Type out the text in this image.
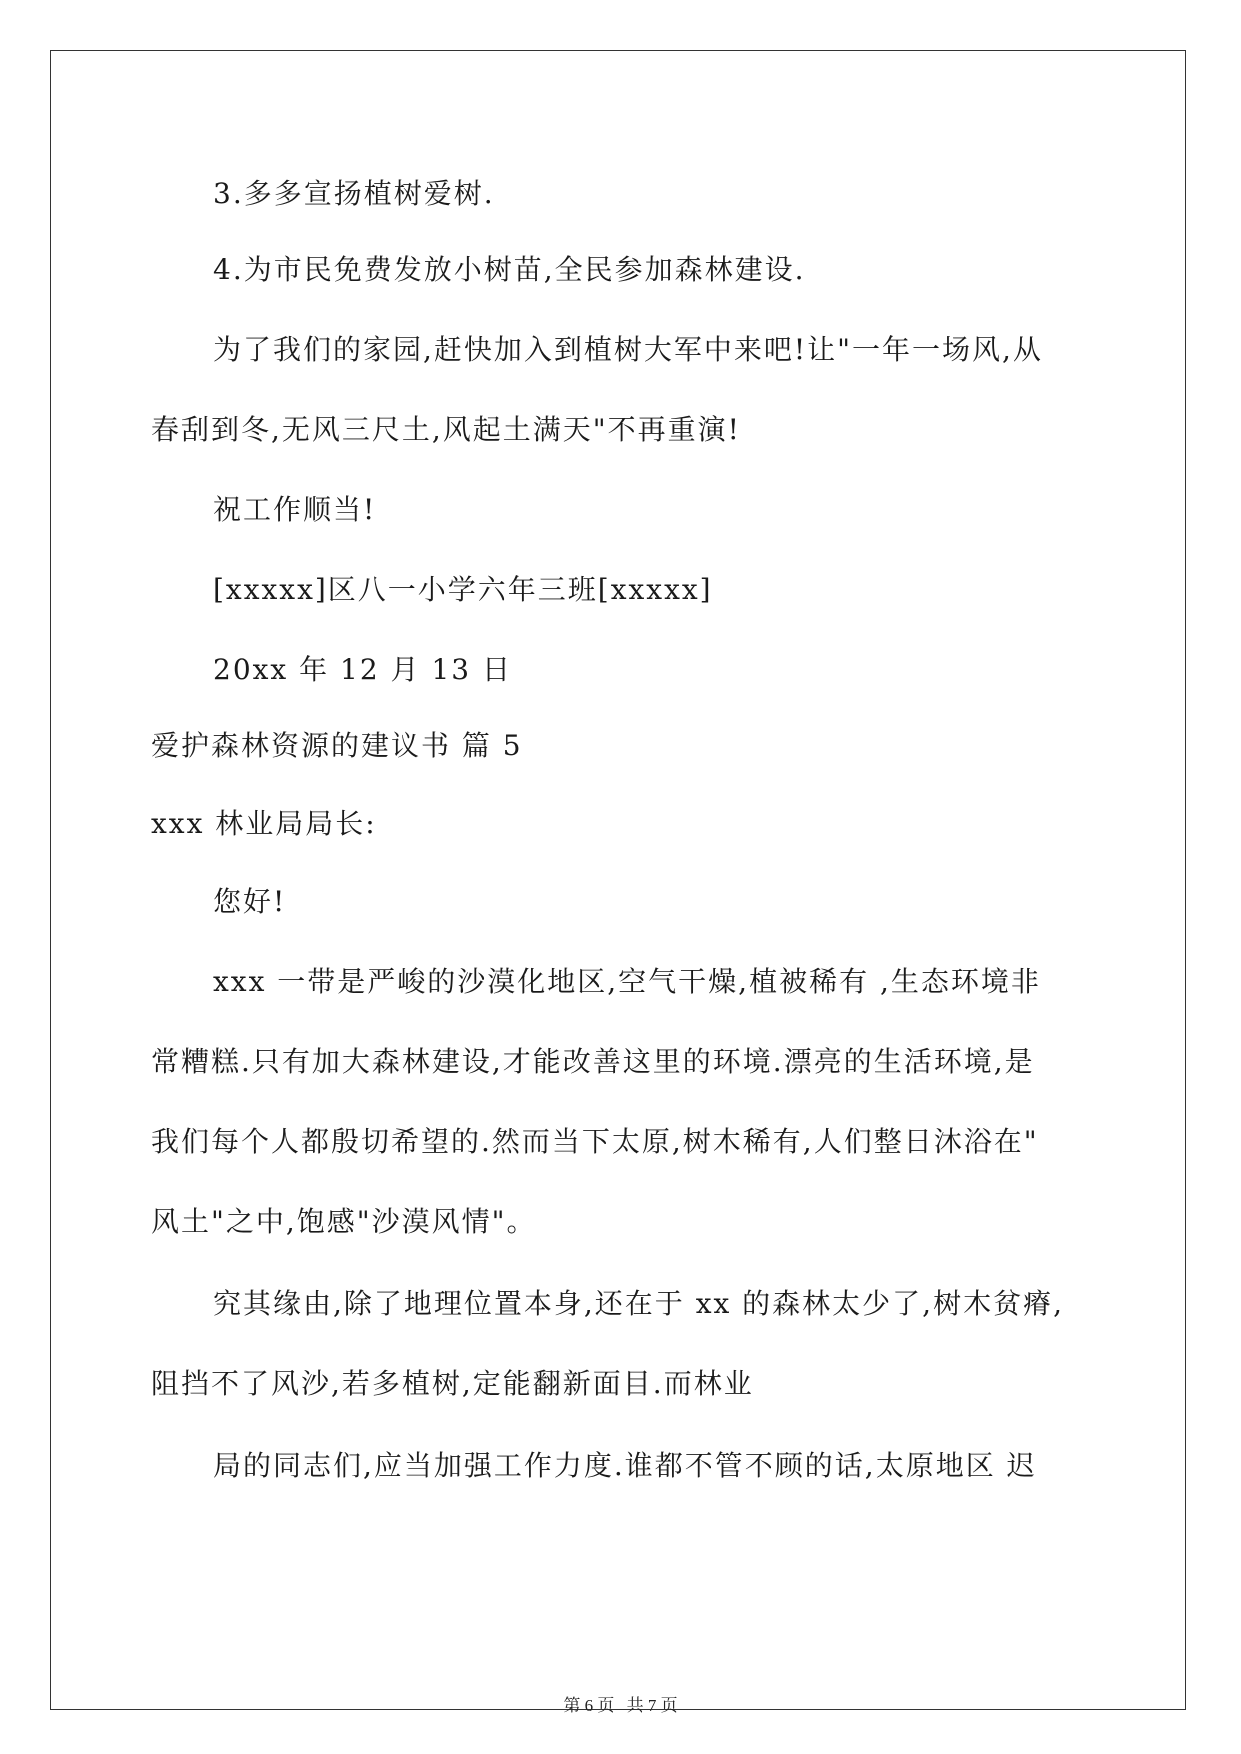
3.多多宣扬植树爱树.
4.为市民免费发放小树苗,全民参加森林建设.
为了我们的家园,赶快加入到植树大军中来吧!让"一年一场风,从
春刮到冬,无风三尺土,风起土满天"不再重演!
祝工作顺当!
[xxxxx]区八一小学六年三班[xxxxx]
20xx 年 12 月 13 日
爱护森林资源的建议书 篇 5
xxx 林业局局长:
您好!
xxx 一带是严峻的沙漠化地区,空气干燥,植被稀有 ,生态环境非
常糟糕.只有加大森林建设,才能改善这里的环境.漂亮的生活环境,是
我们每个人都殷切希望的.然而当下太原,树木稀有,人们整日沐浴在"
风土"之中,饱感"沙漠风情"。
究其缘由,除了地理位置本身,还在于 xx 的森林太少了,树木贫瘠,
阻挡不了风沙,若多植树,定能翻新面目.而林业
局的同志们,应当加强工作力度.谁都不管不顾的话,太原地区 迟
第 6 页 共 7 页
